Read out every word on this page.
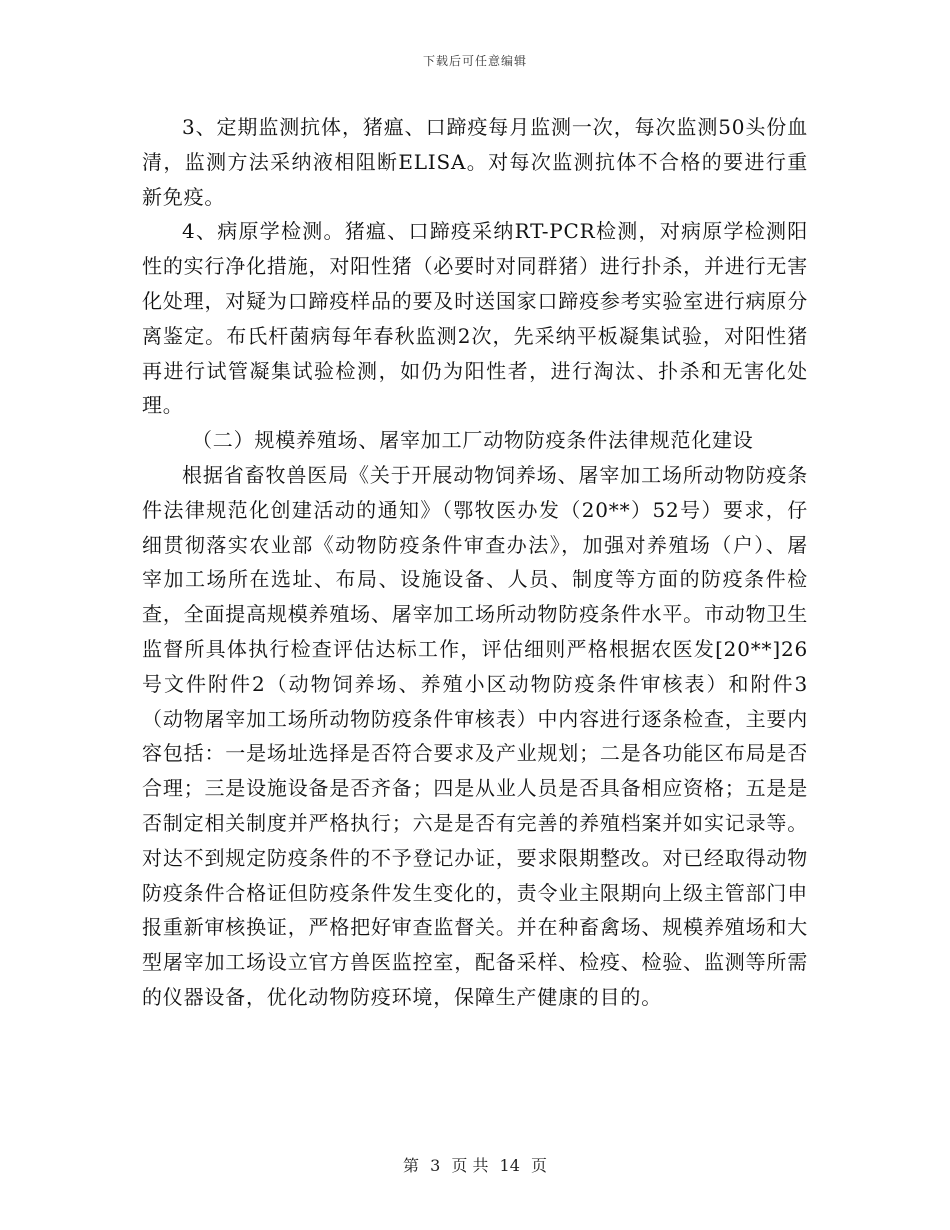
下载后可任意编辑

3、定期监测抗体，猪瘟、口蹄疫每月监测一次，每次监测50头份血清，监测方法采纳液相阻断ELISA。对每次监测抗体不合格的要进行重新免疫。

4、病原学检测。猪瘟、口蹄疫采纳RT-PCR检测，对病原学检测阳性的实行净化措施，对阳性猪（必要时对同群猪）进行扑杀，并进行无害化处理，对疑为口蹄疫样品的要及时送国家口蹄疫参考实验室进行病原分离鉴定。布氏杆菌病每年春秋监测2次，先采纳平板凝集试验，对阳性猪再进行试管凝集试验检测，如仍为阳性者，进行淘汰、扑杀和无害化处理。

（二）规模养殖场、屠宰加工厂动物防疫条件法律规范化建设

根据省畜牧兽医局《关于开展动物饲养场、屠宰加工场所动物防疫条件法律规范化创建活动的通知》（鄂牧医办发（20**）52号）要求，仔细贯彻落实农业部《动物防疫条件审查办法》，加强对养殖场（户）、屠宰加工场所在选址、布局、设施设备、人员、制度等方面的防疫条件检查，全面提高规模养殖场、屠宰加工场所动物防疫条件水平。市动物卫生监督所具体执行检查评估达标工作，评估细则严格根据农医发[20**]26号文件附件2（动物饲养场、养殖小区动物防疫条件审核表）和附件3（动物屠宰加工场所动物防疫条件审核表）中内容进行逐条检查，主要内容包括：一是场址选择是否符合要求及产业规划；二是各功能区布局是否合理；三是设施设备是否齐备；四是从业人员是否具备相应资格；五是是否制定相关制度并严格执行；六是是否有完善的养殖档案并如实记录等。对达不到规定防疫条件的不予登记办证，要求限期整改。对已经取得动物防疫条件合格证但防疫条件发生变化的，责令业主限期向上级主管部门申报重新审核换证，严格把好审查监督关。并在种畜禽场、规模养殖场和大型屠宰加工场设立官方兽医监控室，配备采样、检疫、检验、监测等所需的仪器设备，优化动物防疫环境，保障生产健康的目的。

第 3 页 共 14 页
